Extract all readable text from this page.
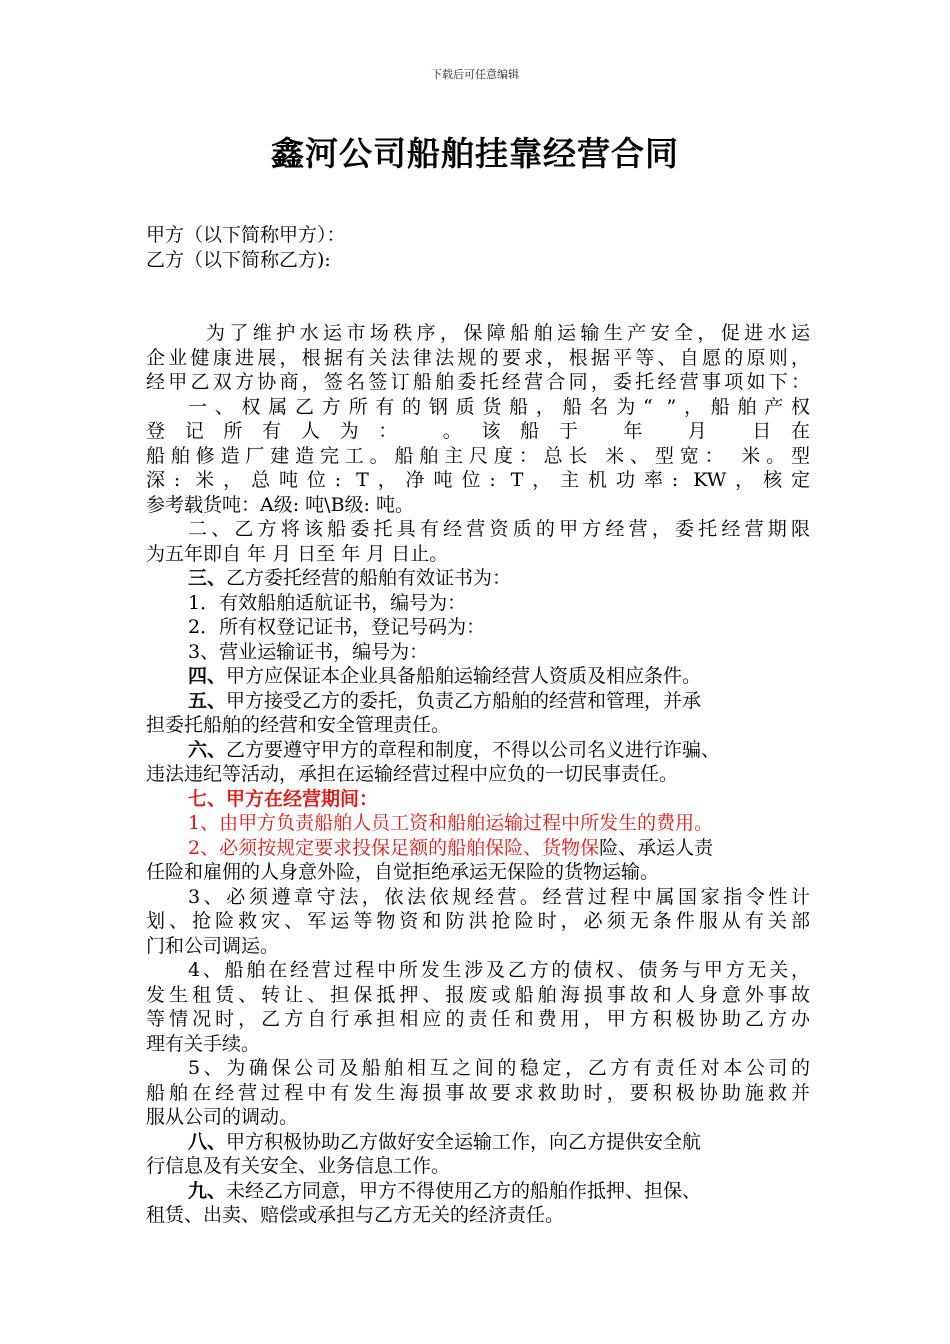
下载后可任意编辑
鑫河公司船舶挂靠经营合同
甲方（以下简称甲方）：
乙方（以下简称乙方):
为了维护水运市场秩序，保障船舶运输生产安全，促进水运
企业健康进展，根据有关法律法规的要求，根据平等、自愿的原则，
经甲乙双方协商，签名签订船舶委托经营合同，委托经营事项如下：
一、权属乙方所有的钢质货船，船名为“ ”，船舶产权
登记所有人为： 。该船于 年 月 日在
船舶修造厂建造完工。船舶主尺度：总长 米、型宽： 米。型
深: 米，总吨位: T，净吨位: T，主机功率: KW，核定
参考载货吨：A级: 吨\B级: 吨。
二、乙方将该船委托具有经营资质的甲方经营，委托经营期限
为五年即自 年 月 日至 年 月 日止。
三、乙方委托经营的船舶有效证书为：
1．有效船舶适航证书，编号为：
2．所有权登记证书，登记号码为：
3、营业运输证书，编号为：
四、甲方应保证本企业具备船舶运输经营人资质及相应条件。
五、甲方接受乙方的委托，负责乙方船舶的经营和管理，并承
担委托船舶的经营和安全管理责任。
六、乙方要遵守甲方的章程和制度，不得以公司名义进行诈骗、
违法违纪等活动，承担在运输经营过程中应负的一切民事责任。
七、甲方在经营期间：
1、由甲方负责船舶人员工资和船舶运输过程中所发生的费用。
2、必须按规定要求投保足额的船舶保险、货物保险、承运人责
任险和雇佣的人身意外险，自觉拒绝承运无保险的货物运输。
3、必须遵章守法，依法依规经营。经营过程中属国家指令性计
划、抢险救灾、军运等物资和防洪抢险时，必须无条件服从有关部
门和公司调运。
4、船舶在经营过程中所发生涉及乙方的债权、债务与甲方无关，
发生租赁、转让、担保抵押、报废或船舶海损事故和人身意外事故
等情况时，乙方自行承担相应的责任和费用，甲方积极协助乙方办
理有关手续。
5、为确保公司及船舶相互之间的稳定，乙方有责任对本公司的
船舶在经营过程中有发生海损事故要求救助时，要积极协助施救并
服从公司的调动。
八、甲方积极协助乙方做好安全运输工作，向乙方提供安全航
行信息及有关安全、业务信息工作。
九、未经乙方同意，甲方不得使用乙方的船舶作抵押、担保、
租赁、出卖、赔偿或承担与乙方无关的经济责任。
